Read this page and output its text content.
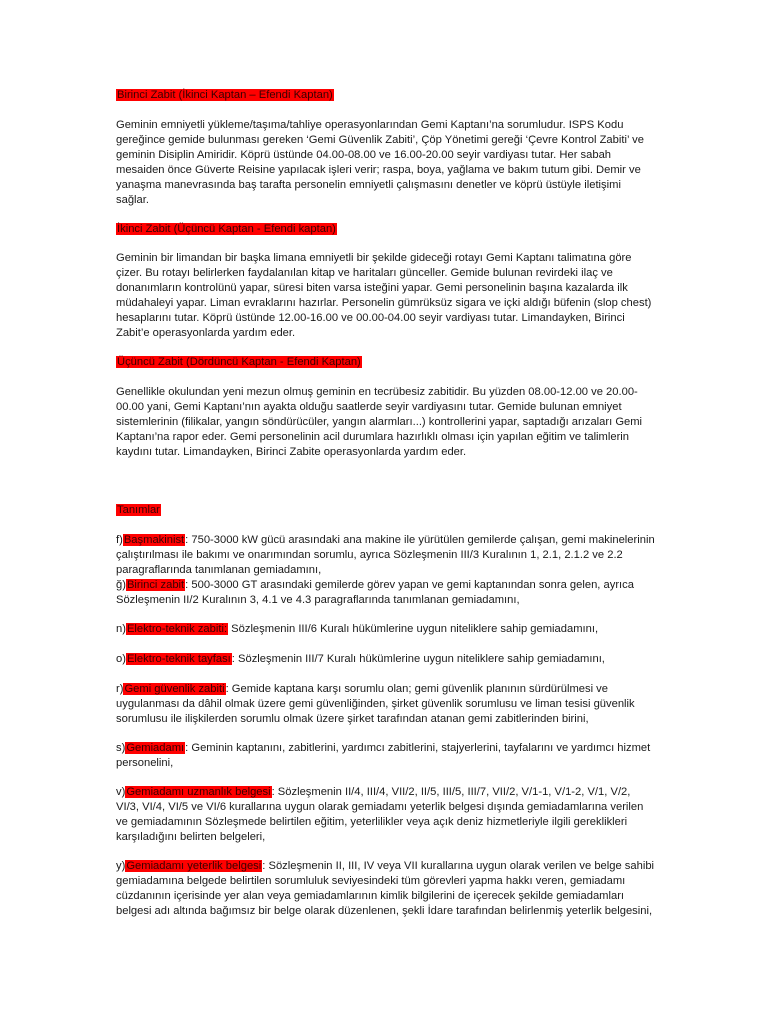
Birinci Zabit (İkinci Kaptan – Efendi Kaptan)

Geminin emniyetli yükleme/taşıma/tahliye operasyonlarından Gemi Kaptanı’na sorumludur. ISPS Kodu gereğince gemide bulunması gereken ‘Gemi Güvenlik Zabiti’, Çöp Yönetimi gereği ‘Çevre Kontrol Zabiti’ ve geminin Disiplin Amiridir. Köprü üstünde 04.00-08.00 ve 16.00-20.00 seyir vardiyası tutar. Her sabah mesaiden önce Güverte Reisine yapılacak işleri verir; raspa, boya, yağlama ve bakım tutum gibi. Demir ve yanaşma manevrasında baş tarafta personelin emniyetli çalışmasını denetler ve köprü üstüyle iletişimi sağlar.

İkinci Zabit (Üçüncü Kaptan - Efendi kaptan)

Geminin bir limandan bir başka limana emniyetli bir şekilde gideceği rotayı Gemi Kaptanı talimatına göre çizer. Bu rotayı belirlerken faydalanılan kitap ve haritaları günceller. Gemide bulunan revirdeki ilaç ve donanımların kontrolünü yapar, süresi biten varsa isteğini yapar. Gemi personelinin başına kazalarda ilk müdahaleyi yapar. Liman evraklarını hazırlar. Personelin gümrüksüz sigara ve içki aldığı büfenin (slop chest) hesaplarını tutar. Köprü üstünde 12.00-16.00 ve 00.00-04.00 seyir vardiyası tutar. Limandayken, Birinci Zabit’e operasyonlarda yardım eder.

Üçüncü Zabit (Dördüncü Kaptan - Efendi Kaptan)

Genellikle okulundan yeni mezun olmuş geminin en tecrübesiz zabitidir. Bu yüzden 08.00-12.00 ve 20.00-00.00 yani, Gemi Kaptanı’nın ayakta olduğu saatlerde seyir vardiyasını tutar. Gemide bulunan emniyet sistemlerinin (filikalar, yangın söndürücüler, yangın alarmları...) kontrollerini yapar, saptadığı arızaları Gemi Kaptanı’na rapor eder. Gemi personelinin acil durumlara hazırlıklı olması için yapılan eğitim ve talimlerin kaydını tutar. Limandayken, Birinci Zabite operasyonlarda yardım eder.

Tanımlar

f)Başmakinist: 750-3000 kW gücü arasındaki ana makine ile yürütülen gemilerde çalışan, gemi makinelerinin çalıştırılması ile bakımı ve onarımından sorumlu, ayrıca Sözleşmenin III/3 Kuralının 1, 2.1, 2.1.2 ve 2.2 paragraflarında tanımlanan gemiadamını,

ğ)Birinci zabit: 500-3000 GT arasındaki gemilerde görev yapan ve gemi kaptanından sonra gelen, ayrıca Sözleşmenin II/2 Kuralının 3, 4.1 ve 4.3 paragraflarında tanımlanan gemiadamını,

n)Elektro-teknik zabiti: Sözleşmenin III/6 Kuralı hükümlerine uygun niteliklere sahip gemiadamını,

o)Elektro-teknik tayfası: Sözleşmenin III/7 Kuralı hükümlerine uygun niteliklere sahip gemiadamını,

r)Gemi güvenlik zabiti: Gemide kaptana karşı sorumlu olan; gemi güvenlik planının sürdürülmesi ve uygulanması da dâhil olmak üzere gemi güvenliğinden, şirket güvenlik sorumlusu ve liman tesisi güvenlik sorumlusu ile ilişkilerden sorumlu olmak üzere şirket tarafından atanan gemi zabitlerinden birini,

s)Gemiadamı: Geminin kaptanını, zabitlerini, yardımcı zabitlerini, stajyerlerini, tayfalarını ve yardımcı hizmet personelini,

v)Gemiadamı uzmanlık belgesi: Sözleşmenin II/4, III/4, VII/2, II/5, III/5, III/7, VII/2, V/1-1, V/1-2, V/1, V/2, VI/3, VI/4, VI/5 ve VI/6 kurallarına uygun olarak gemiadamı yeterlik belgesi dışında gemiadamlarına verilen ve gemiadamının Sözleşmede belirtilen eğitim, yeterlilikler veya açık deniz hizmetleriyle ilgili gereklikleri karşıladığını belirten belgeleri,

y)Gemiadamı yeterlik belgesi: Sözleşmenin II, III, IV veya VII kurallarına uygun olarak verilen ve belge sahibi gemiadamına belgede belirtilen sorumluluk seviyesindeki tüm görevleri yapma hakkı veren, gemiadamı cüzdanının içerisinde yer alan veya gemiadamlarının kimlik bilgilerini de içerecek şekilde gemiadamları belgesi adı altında bağımsız bir belge olarak düzenlenen, şekli İdare tarafından belirlenmiş yeterlik belgesini,
